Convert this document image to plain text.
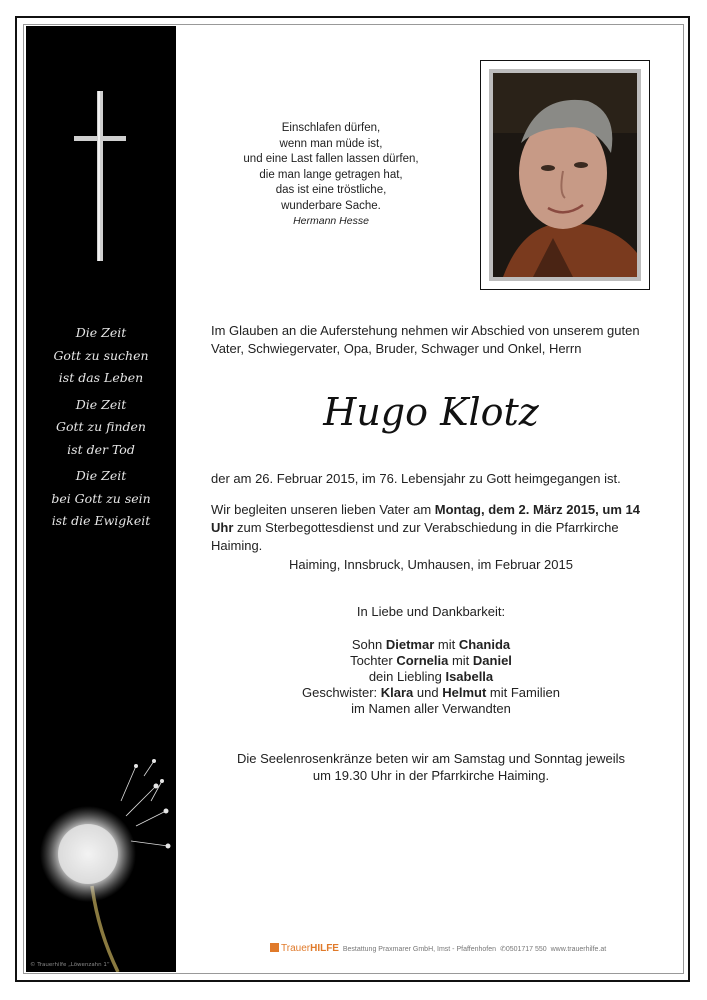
Die Zeit
Gott zu suchen
ist das Leben
Die Zeit
Gott zu finden
ist der Tod
Die Zeit
bei Gott zu sein
ist die Ewigkeit
© Trauerhilfe „Löwenzahn 1“
Einschlafen dürfen,
wenn man müde ist,
und eine Last fallen lassen dürfen,
die man lange getragen hat,
das ist eine tröstliche,
wunderbare Sache.
Hermann Hesse
Im Glauben an die Auferstehung nehmen wir Abschied von unserem guten Vater, Schwiegervater, Opa, Bruder, Schwager und Onkel, Herrn
Hugo Klotz
der am 26. Februar 2015, im 76. Lebensjahr zu Gott heimgegangen ist.
Wir begleiten unseren lieben Vater am Montag, dem 2. März 2015, um 14 Uhr zum Sterbegottesdienst und zur Verabschiedung in die Pfarrkirche Haiming.
Haiming, Innsbruck, Umhausen, im Februar 2015
In Liebe und Dankbarkeit:
Sohn Dietmar mit Chanida
Tochter Cornelia mit Daniel
dein Liebling Isabella
Geschwister: Klara und Helmut mit Familien
im Namen aller Verwandten
Die Seelenrosenkränze beten wir am Samstag und Sonntag jeweils
um 19.30 Uhr in der Pfarrkirche Haiming.
TrauerHILFE Bestattung Praxmarer GmbH, Imst - Pfaffenhofen ✆0501717 550 www.trauerhilfe.at
